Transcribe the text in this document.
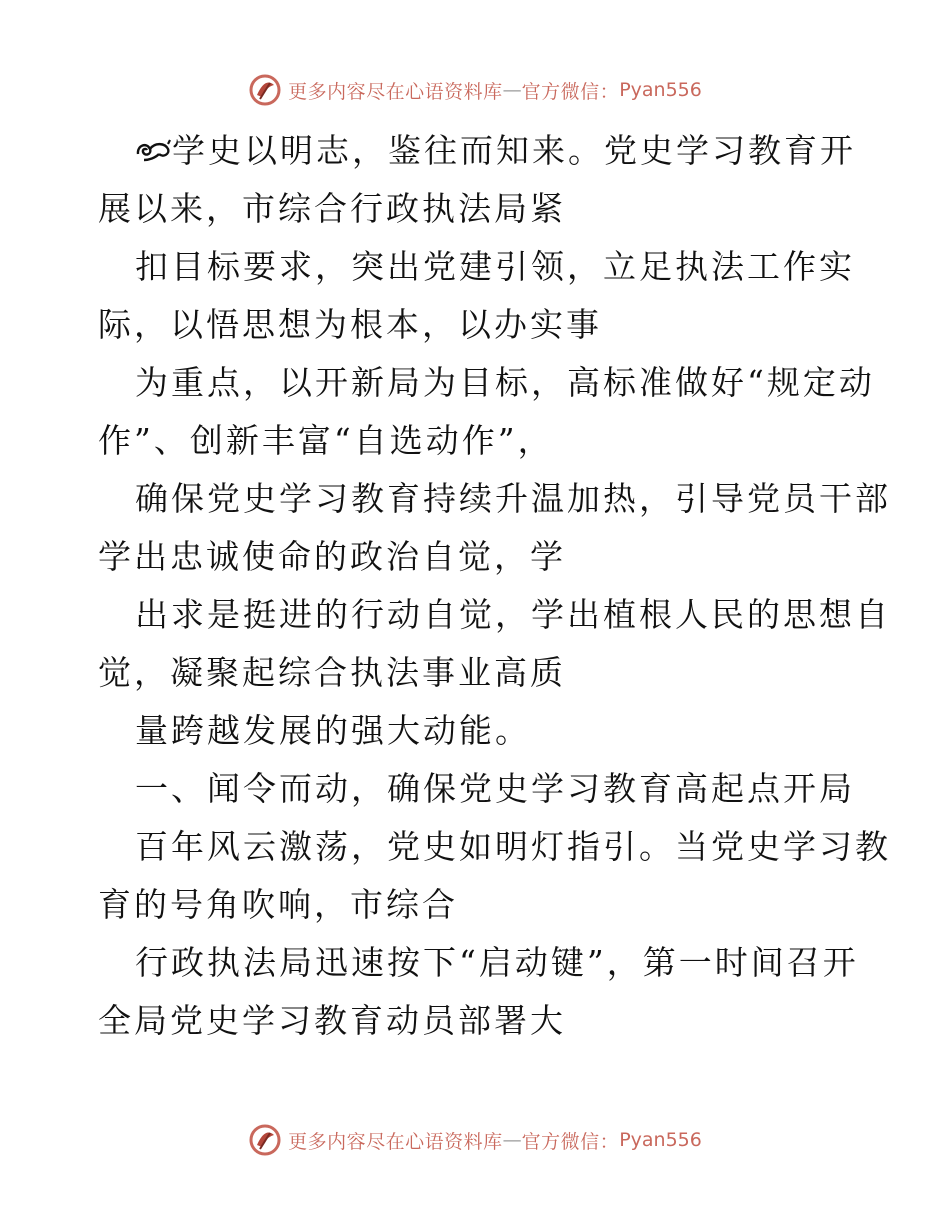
更多内容尽在心语资料库 — 官方微信： Pyan556
学史以明志，鉴往而知来。党史学习教育开
展以来，市综合行政执法局紧
扣目标要求，突出党建引领，立足执法工作实
际，以悟思想为根本，以办实事
为重点，以开新局为目标，高标准做好“规定动
作”、创新丰富“自选动作”，
确保党史学习教育持续升温加热，引导党员干部
学出忠诚使命的政治自觉，学
出求是挺进的行动自觉，学出植根人民的思想自
觉，凝聚起综合执法事业高质
量跨越发展的强大动能。
一、闻令而动，确保党史学习教育高起点开局
百年风云激荡，党史如明灯指引。当党史学习教
育的号角吹响，市综合
行政执法局迅速按下“启动键”，第一时间召开
全局党史学习教育动员部署大
更多内容尽在心语资料库 — 官方微信： Pyan556
